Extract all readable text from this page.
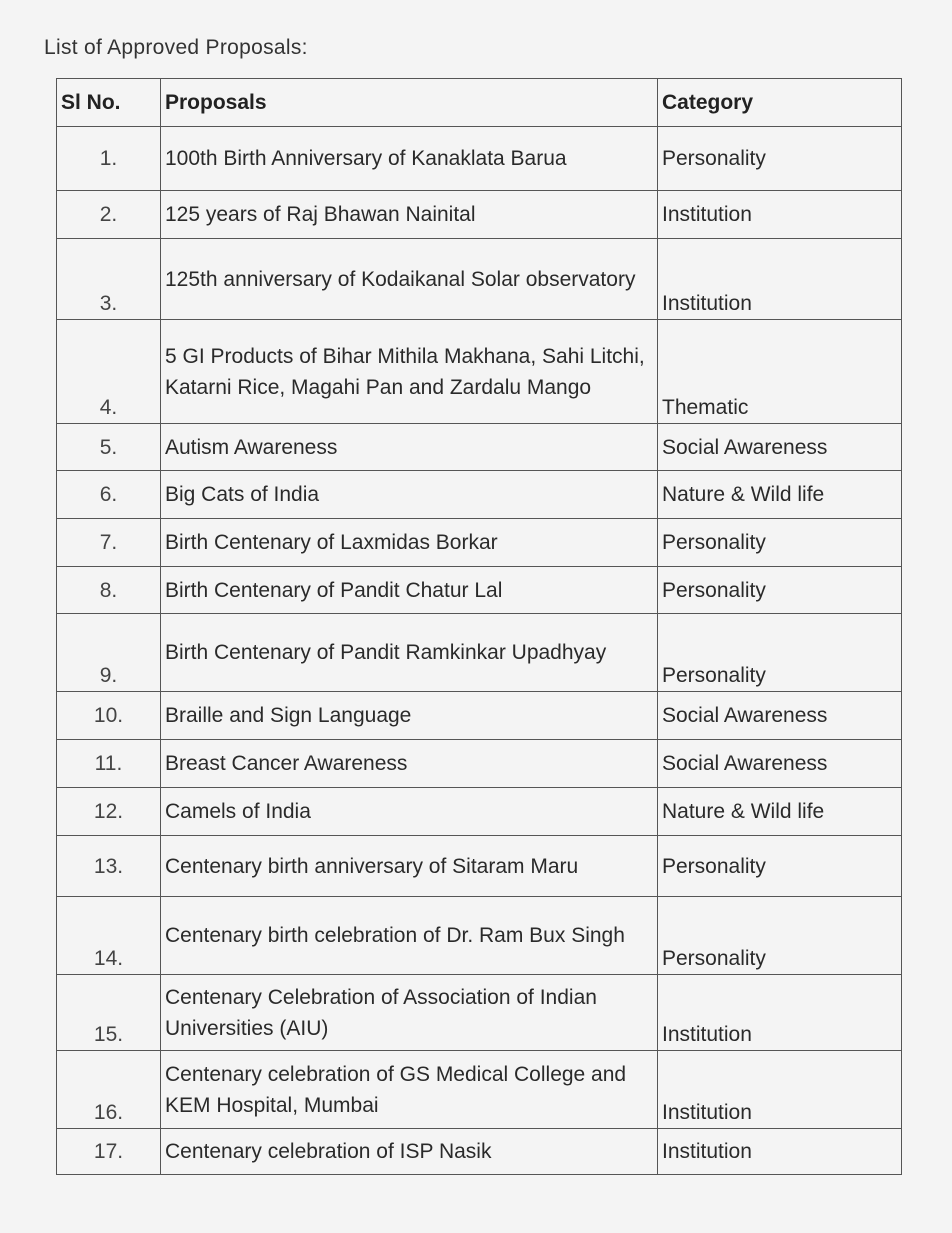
List of Approved Proposals:
Sl No.	Proposals	Category
1.	100th Birth Anniversary of Kanaklata Barua	Personality
2.	125 years of Raj Bhawan Nainital	Institution
3.	125th anniversary of Kodaikanal Solar observatory	Institution
4.	5 GI Products of Bihar Mithila Makhana, Sahi Litchi, Katarni Rice, Magahi Pan and Zardalu Mango	Thematic
5.	Autism Awareness	Social Awareness
6.	Big Cats of India	Nature & Wild life
7.	Birth Centenary of Laxmidas Borkar	Personality
8.	Birth Centenary of Pandit Chatur Lal	Personality
9.	Birth Centenary of Pandit Ramkinkar Upadhyay	Personality
10.	Braille and Sign Language	Social Awareness
11.	Breast Cancer Awareness	Social Awareness
12.	Camels of India	Nature & Wild life
13.	Centenary birth anniversary of Sitaram Maru	Personality
14.	Centenary birth celebration of Dr. Ram Bux Singh	Personality
15.	Centenary Celebration of Association of Indian Universities (AIU)	Institution
16.	Centenary celebration of GS Medical College and KEM Hospital, Mumbai	Institution
17.	Centenary celebration of ISP Nasik	Institution
